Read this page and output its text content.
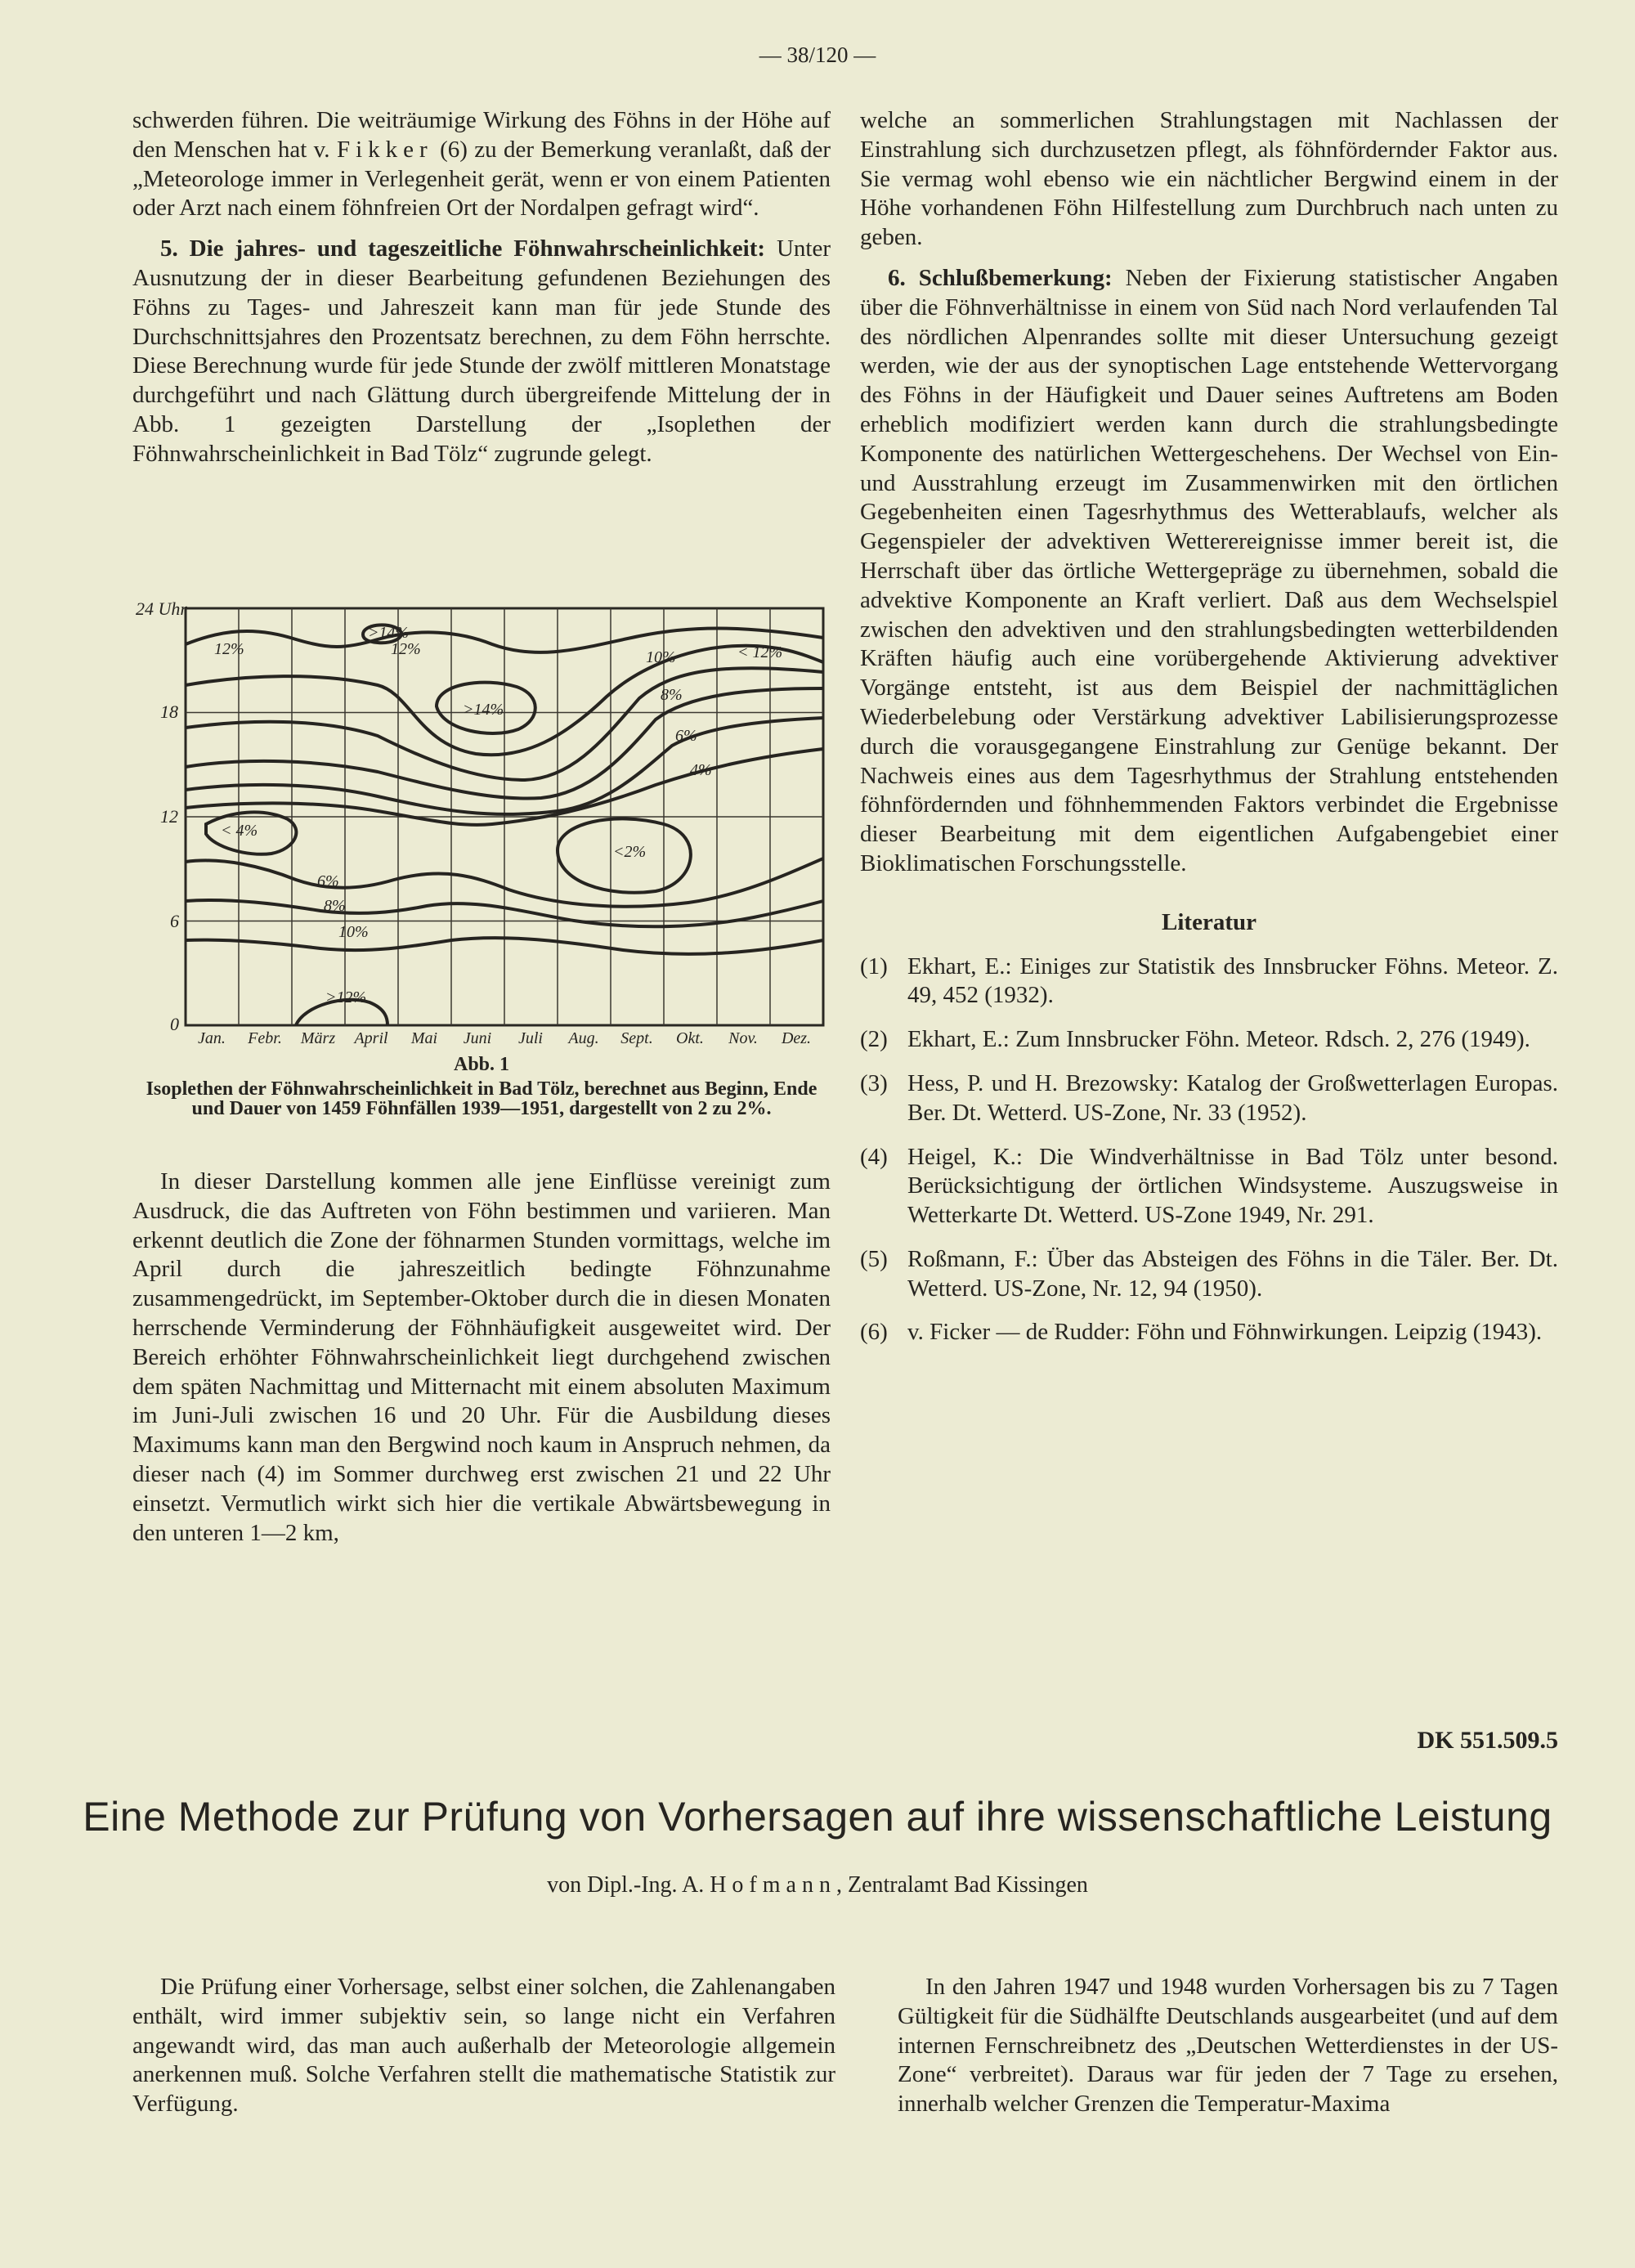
— 38/120 —

schwerden führen. Die weiträumige Wirkung des Föhns in der Höhe auf den Menschen hat v. Fikker (6) zu der Bemerkung veranlaßt, daß der „Meteorologe immer in Verlegenheit gerät, wenn er von einem Patienten oder Arzt nach einem föhnfreien Ort der Nordalpen gefragt wird“.

5. Die jahres- und tageszeitliche Föhnwahrscheinlichkeit: Unter Ausnutzung der in dieser Bearbeitung gefundenen Beziehungen des Föhns zu Tages- und Jahreszeit kann man für jede Stunde des Durchschnittsjahres den Prozentsatz berechnen, zu dem Föhn herrschte. Diese Berechnung wurde für jede Stunde der zwölf mittleren Monatstage durchgeführt und nach Glättung durch übergreifende Mittelung der in Abb. 1 gezeigten Darstellung der „Isoplethen der Föhnwahrscheinlichkeit in Bad Tölz“ zugrunde gelegt.

24 Uhr
18
12
6
0
Jan. Febr. März April Mai Juni Juli Aug. Sept. Okt. Nov. Dez.
12%
>14%
12%	10%	< 12%
>14%
8%
6%
4%
< 4%
<2%
6%
8%
10%
>12%
Abb. 1
Isoplethen der Föhnwahrscheinlichkeit in Bad Tölz, berechnet aus Beginn, Ende und Dauer von 1459 Föhnfällen 1939—1951, dargestellt von 2 zu 2%.

In dieser Darstellung kommen alle jene Einflüsse vereinigt zum Ausdruck, die das Auftreten von Föhn bestimmen und variieren. Man erkennt deutlich die Zone der föhnarmen Stunden vormittags, welche im April durch die jahreszeitlich bedingte Föhnzunahme zusammengedrückt, im September-Oktober durch die in diesen Monaten herrschende Verminderung der Föhnhäufigkeit ausgeweitet wird. Der Bereich erhöhter Föhnwahrscheinlichkeit liegt durchgehend zwischen dem späten Nachmittag und Mitternacht mit einem absoluten Maximum im Juni-Juli zwischen 16 und 20 Uhr. Für die Ausbildung dieses Maximums kann man den Bergwind noch kaum in Anspruch nehmen, da dieser nach (4) im Sommer durchweg erst zwischen 21 und 22 Uhr einsetzt. Vermutlich wirkt sich hier die vertikale Abwärtsbewegung in den unteren 1—2 km,

welche an sommerlichen Strahlungstagen mit Nachlassen der Einstrahlung sich durchzusetzen pflegt, als föhnfördernder Faktor aus. Sie vermag wohl ebenso wie ein nächtlicher Bergwind einem in der Höhe vorhandenen Föhn Hilfestellung zum Durchbruch nach unten zu geben.

6. Schlußbemerkung: Neben der Fixierung statistischer Angaben über die Föhnverhältnisse in einem von Süd nach Nord verlaufenden Tal des nördlichen Alpenrandes sollte mit dieser Untersuchung gezeigt werden, wie der aus der synoptischen Lage entstehende Wettervorgang des Föhns in der Häufigkeit und Dauer seines Auftretens am Boden erheblich modifiziert werden kann durch die strahlungsbedingte Komponente des natürlichen Wettergeschehens. Der Wechsel von Ein- und Ausstrahlung erzeugt im Zusammenwirken mit den örtlichen Gegebenheiten einen Tagesrhythmus des Wetterablaufs, welcher als Gegenspieler der advektiven Wetterereignisse immer bereit ist, die Herrschaft über das örtliche Wettergepräge zu übernehmen, sobald die advektive Komponente an Kraft verliert. Daß aus dem Wechselspiel zwischen den advektiven und den strahlungsbedingten wetterbildenden Kräften häufig auch eine vorübergehende Aktivierung advektiver Vorgänge entsteht, ist aus dem Beispiel der nachmittäglichen Wiederbelebung oder Verstärkung advektiver Labilisierungsprozesse durch die vorausgegangene Einstrahlung zur Genüge bekannt. Der Nachweis eines aus dem Tagesrhythmus der Strahlung entstehenden föhnfördernden und föhnhemmenden Faktors verbindet die Ergebnisse dieser Bearbeitung mit dem eigentlichen Aufgabengebiet einer Bioklimatischen Forschungsstelle.

Literatur

(1) Ekhart, E.: Einiges zur Statistik des Innsbrucker Föhns. Meteor. Z. 49, 452 (1932).
(2) Ekhart, E.: Zum Innsbrucker Föhn. Meteor. Rdsch. 2, 276 (1949).
(3) Hess, P. und H. Brezowsky: Katalog der Großwetterlagen Europas. Ber. Dt. Wetterd. US-Zone, Nr. 33 (1952).
(4) Heigel, K.: Die Windverhältnisse in Bad Tölz unter besond. Berücksichtigung der örtlichen Windsysteme. Auszugsweise in Wetterkarte Dt. Wetterd. US-Zone 1949, Nr. 291.
(5) Roßmann, F.: Über das Absteigen des Föhns in die Täler. Ber. Dt. Wetterd. US-Zone, Nr. 12, 94 (1950).
(6) v. Ficker — de Rudder: Föhn und Föhnwirkungen. Leipzig (1943).
DK 551.509.5
Eine Methode zur Prüfung von Vorhersagen auf ihre wissenschaftliche Leistung
von Dipl.-Ing. A. Hofmann, Zentralamt Bad Kissingen

Die Prüfung einer Vorhersage, selbst einer solchen, die Zahlenangaben enthält, wird immer subjektiv sein, so lange nicht ein Verfahren angewandt wird, das man auch außerhalb der Meteorologie allgemein anerkennen muß. Solche Verfahren stellt die mathematische Statistik zur Verfügung.

In den Jahren 1947 und 1948 wurden Vorhersagen bis zu 7 Tagen Gültigkeit für die Südhälfte Deutschlands ausgearbeitet (und auf dem internen Fernschreibnetz des „Deutschen Wetterdienstes in der US-Zone“ verbreitet). Daraus war für jeden der 7 Tage zu ersehen, innerhalb welcher Grenzen die Temperatur-Maxima
